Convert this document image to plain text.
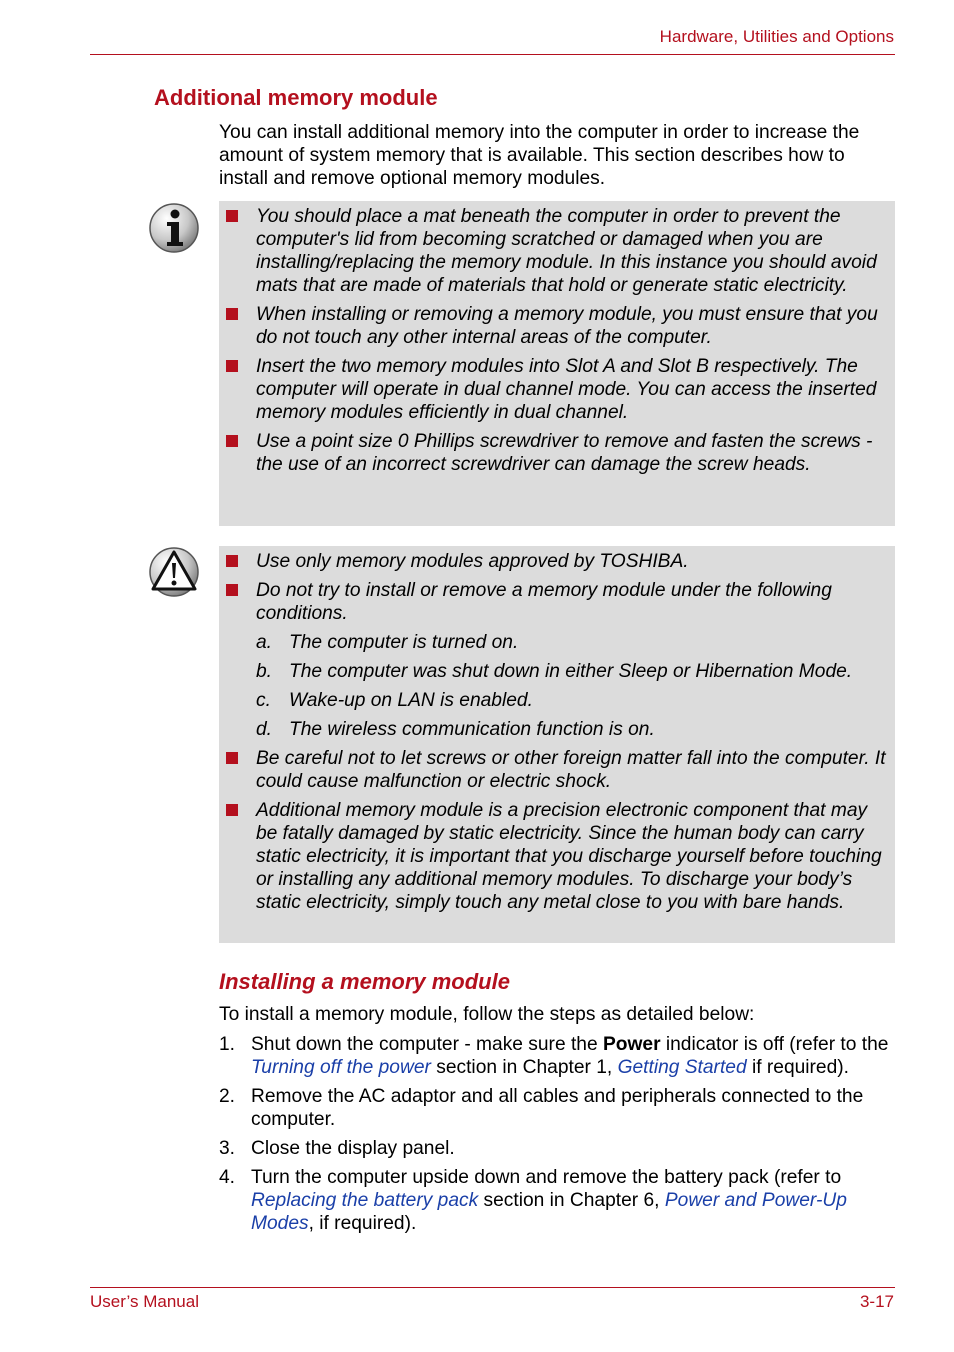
Hardware, Utilities and Options
Additional memory module

You can install additional memory into the computer in order to increase the amount of system memory that is available. This section describes how to install and remove optional memory modules.

You should place a mat beneath the computer in order to prevent the computer's lid from becoming scratched or damaged when you are installing/replacing the memory module. In this instance you should avoid mats that are made of materials that hold or generate static electricity.
When installing or removing a memory module, you must ensure that you do not touch any other internal areas of the computer.
Insert the two memory modules into Slot A and Slot B respectively. The computer will operate in dual channel mode. You can access the inserted memory modules efficiently in dual channel.
Use a point size 0 Phillips screwdriver to remove and fasten the screws - the use of an incorrect screwdriver can damage the screw heads.
Use only memory modules approved by TOSHIBA.
Do not try to install or remove a memory module under the following conditions.
a. The computer is turned on.
b. The computer was shut down in either Sleep or Hibernation Mode.
c. Wake-up on LAN is enabled.
d. The wireless communication function is on.
Be careful not to let screws or other foreign matter fall into the computer. It could cause malfunction or electric shock.
Additional memory module is a precision electronic component that may be fatally damaged by static electricity. Since the human body can carry static electricity, it is important that you discharge yourself before touching or installing any additional memory modules. To discharge your body’s static electricity, simply touch any metal close to you with bare hands.
Installing a memory module

To install a memory module, follow the steps as detailed below:

1. Shut down the computer - make sure the Power indicator is off (refer to the Turning off the power section in Chapter 1, Getting Started if required).
2. Remove the AC adaptor and all cables and peripherals connected to the computer.
3. Close the display panel.
4. Turn the computer upside down and remove the battery pack (refer to Replacing the battery pack section in Chapter 6, Power and Power-Up Modes, if required).
User’s Manual	3-17
